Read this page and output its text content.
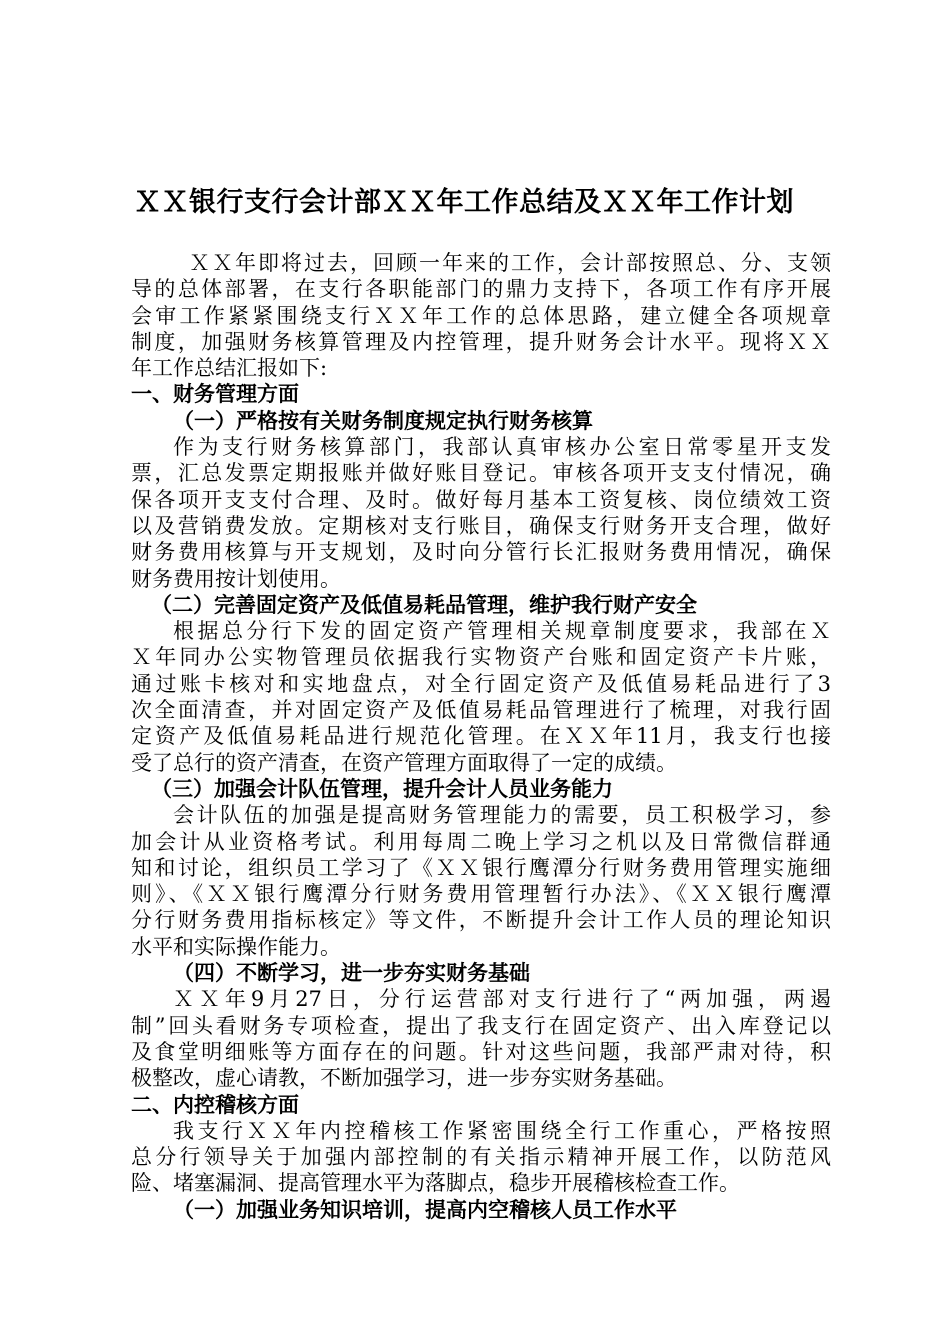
ＸＸ银行支行会计部ＸＸ年工作总结及ＸＸ年工作计划
ＸＸ年即将过去，回顾一年来的工作，会计部按照总、分、支领
导的总体部署，在支行各职能部门的鼎力支持下，各项工作有序开展
会审工作紧紧围绕支行ＸＸ年工作的总体思路，建立健全各项规章
制度，加强财务核算管理及内控管理，提升财务会计水平。现将ＸＸ
年工作总结汇报如下:
一、财务管理方面
（一）严格按有关财务制度规定执行财务核算
作为支行财务核算部门，我部认真审核办公室日常零星开支发
票，汇总发票定期报账并做好账目登记。审核各项开支支付情况，确
保各项开支支付合理、及时。做好每月基本工资复核、岗位绩效工资
以及营销费发放。定期核对支行账目，确保支行财务开支合理，做好
财务费用核算与开支规划，及时向分管行长汇报财务费用情况，确保
财务费用按计划使用。
（二）完善固定资产及低值易耗品管理，维护我行财产安全
根据总分行下发的固定资产管理相关规章制度要求，我部在Ｘ
Ｘ年同办公实物管理员依据我行实物资产台账和固定资产卡片账，
通过账卡核对和实地盘点，对全行固定资产及低值易耗品进行了3
次全面清查，并对固定资产及低值易耗品管理进行了梳理，对我行固
定资产及低值易耗品进行规范化管理。在ＸＸ年11月，我支行也接
受了总行的资产清查，在资产管理方面取得了一定的成绩。
（三）加强会计队伍管理，提升会计人员业务能力
会计队伍的加强是提高财务管理能力的需要，员工积极学习，参
加会计从业资格考试。利用每周二晚上学习之机以及日常微信群通
知和讨论，组织员工学习了《ＸＸ银行鹰潭分行财务费用管理实施细
则》、《ＸＸ银行鹰潭分行财务费用管理暂行办法》、《ＸＸ银行鹰潭
分行财务费用指标核定》等文件，不断提升会计工作人员的理论知识
水平和实际操作能力。
（四）不断学习，进一步夯实财务基础
ＸＸ年9月27日，分行运营部对支行进行了“两加强，两遏
制”回头看财务专项检查，提出了我支行在固定资产、出入库登记以
及食堂明细账等方面存在的问题。针对这些问题，我部严肃对待，积
极整改，虚心请教，不断加强学习，进一步夯实财务基础。
二、内控稽核方面
我支行ＸＸ年内控稽核工作紧密围绕全行工作重心，严格按照
总分行领导关于加强内部控制的有关指示精神开展工作，以防范风
险、堵塞漏洞、提高管理水平为落脚点，稳步开展稽核检查工作。
（一）加强业务知识培训，提高内空稽核人员工作水平
